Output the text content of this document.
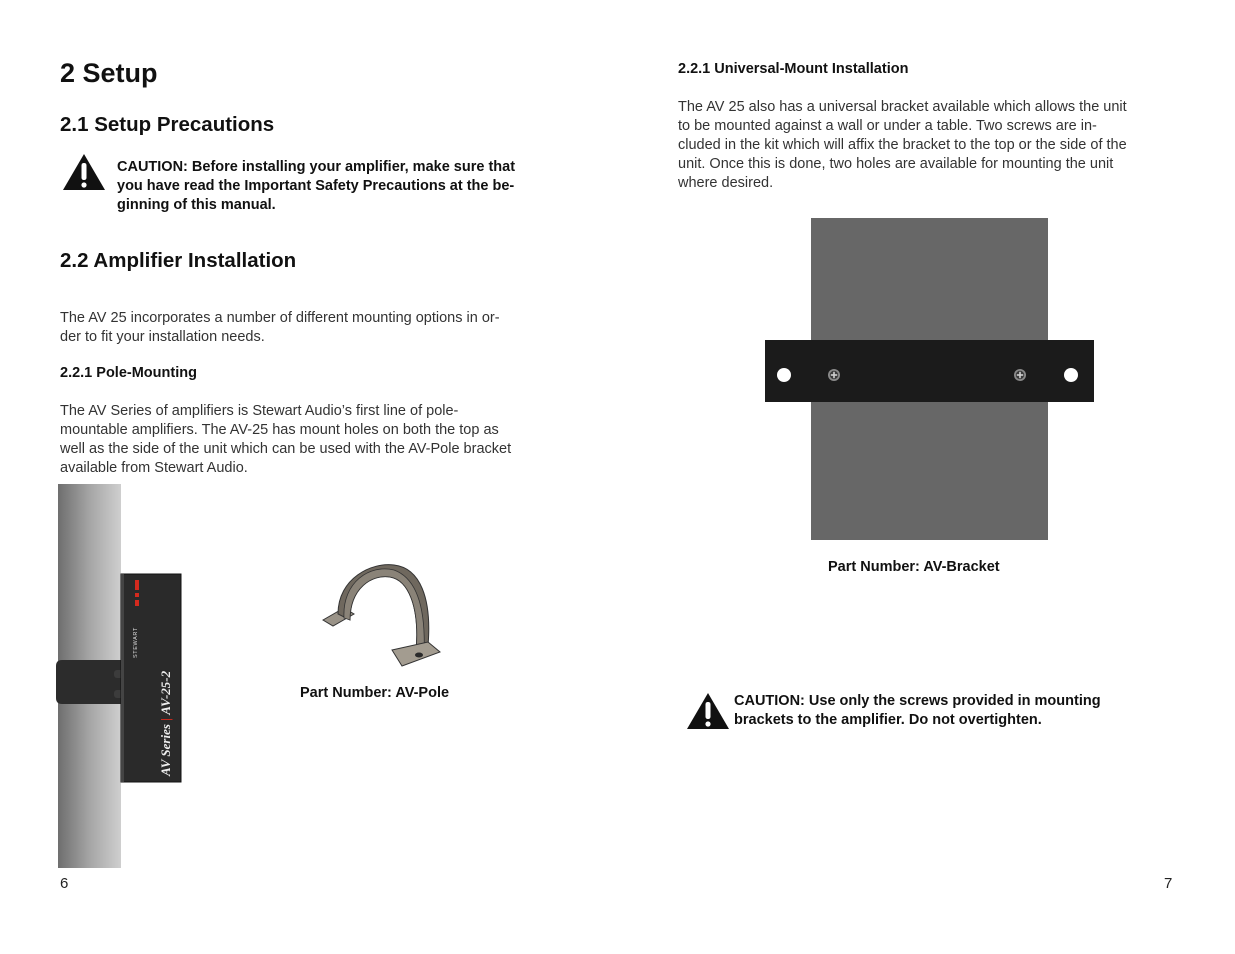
2 Setup
2.1 Setup Precautions

CAUTION: Before installing your amplifier, make sure that

you have read the Important Safety Precautions at the be-

ginning of this manual.

2.2 Amplifier Installation

The AV 25 incorporates a number of different mounting options in or-

der to fit your installation needs.

2.2.1 Pole-Mounting

The AV Series of amplifiers is Stewart Audio’s first line of pole-

mountable amplifiers. The AV-25 has mount holes on both the top as

well as the side of the unit which can be used with the AV-Pole bracket

available from Stewart Audio.

STEWART
AV Series | AV-25-2	Part Number: AV-Pole

6
2.2.1 Universal-Mount Installation

The AV 25 also has a universal bracket available which allows the unit

to be mounted against a wall or under a table. Two screws are in-

cluded in the kit which will affix the bracket to the top or the side of the

unit. Once this is done, two holes are available for mounting the unit

where desired.

Part Number: AV-Bracket

CAUTION: Use only the screws provided in mounting

brackets to the amplifier. Do not overtighten.

7
